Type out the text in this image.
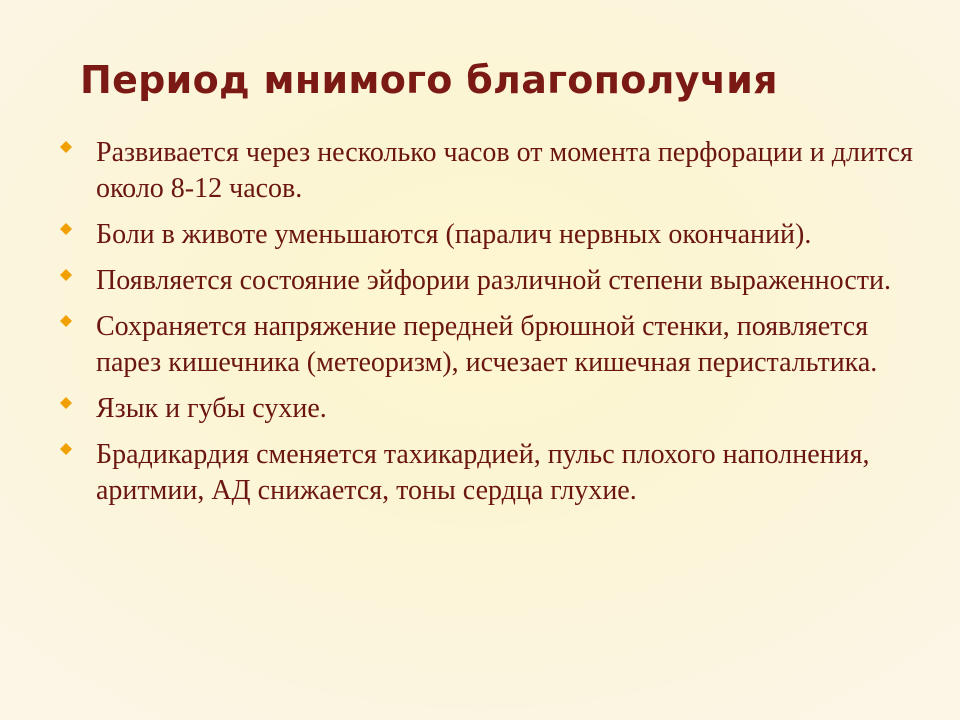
Период мнимого благополучия
Развивается через несколько часов от момента перфорации и длится около 8-12 часов.
Боли в животе уменьшаются (паралич нервных окончаний).
Появляется состояние эйфории различной степени выраженности.
Сохраняется напряжение передней брюшной стенки, появляется парез кишечника (метеоризм), исчезает кишечная перистальтика.
Язык и губы сухие.
Брадикардия сменяется тахикардией, пульс плохого наполнения, аритмии, АД снижается, тоны сердца глухие.
